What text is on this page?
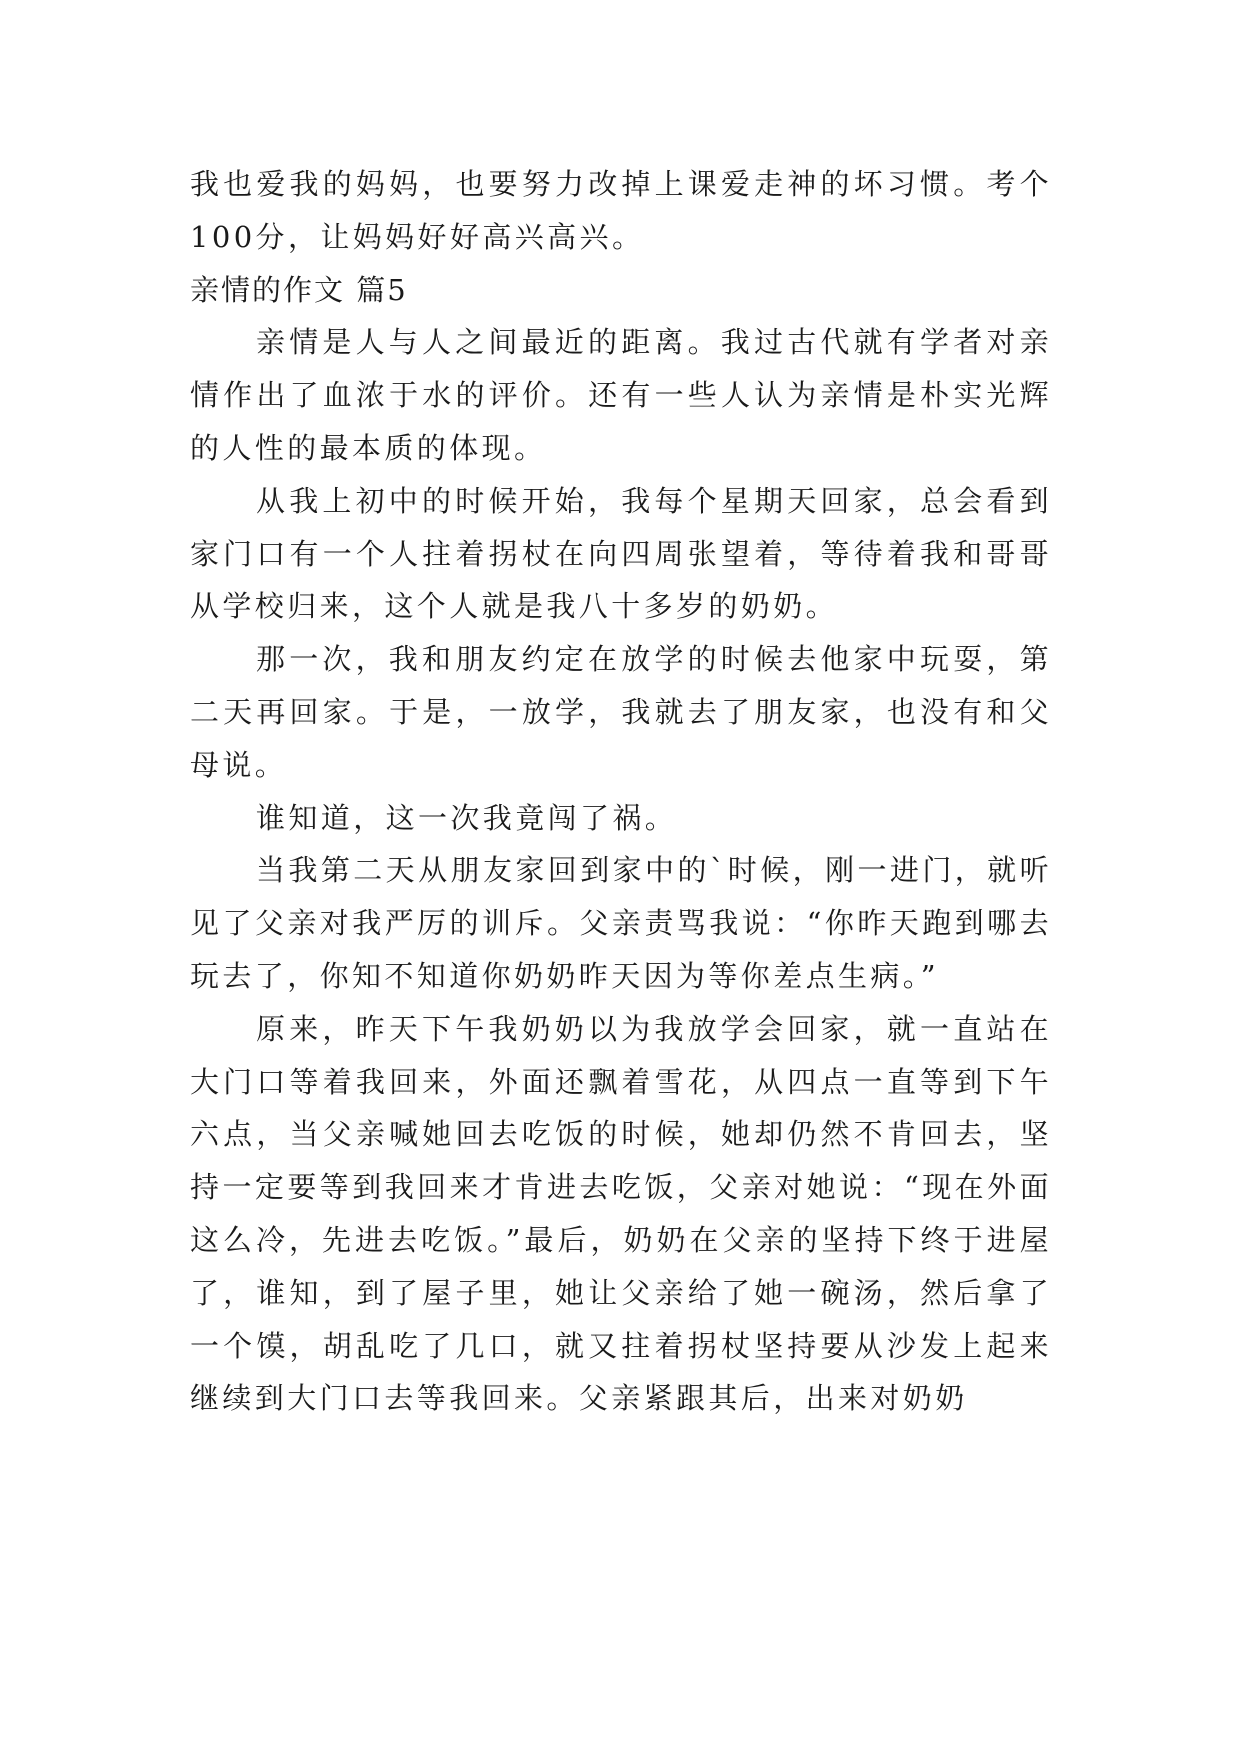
我也爱我的妈妈，也要努力改掉上课爱走神的坏习惯。考个100分，让妈妈好好高兴高兴。

亲情的作文 篇5

亲情是人与人之间最近的距离。我过古代就有学者对亲情作出了血浓于水的评价。还有一些人认为亲情是朴实光辉的人性的最本质的体现。

从我上初中的时候开始，我每个星期天回家，总会看到家门口有一个人拄着拐杖在向四周张望着，等待着我和哥哥从学校归来，这个人就是我八十多岁的奶奶。

那一次，我和朋友约定在放学的时候去他家中玩耍，第二天再回家。于是，一放学，我就去了朋友家，也没有和父母说。

谁知道，这一次我竟闯了祸。

当我第二天从朋友家回到家中的`时候，刚一进门，就听见了父亲对我严厉的训斥。父亲责骂我说：“你昨天跑到哪去玩去了，你知不知道你奶奶昨天因为等你差点生病。”

原来，昨天下午我奶奶以为我放学会回家，就一直站在大门口等着我回来，外面还飘着雪花，从四点一直等到下午六点，当父亲喊她回去吃饭的时候，她却仍然不肯回去，坚持一定要等到我回来才肯进去吃饭，父亲对她说：“现在外面这么冷，先进去吃饭。”最后，奶奶在父亲的坚持下终于进屋了，谁知，到了屋子里，她让父亲给了她一碗汤，然后拿了一个馍，胡乱吃了几口，就又拄着拐杖坚持要从沙发上起来继续到大门口去等我回来。父亲紧跟其后，出来对奶奶
